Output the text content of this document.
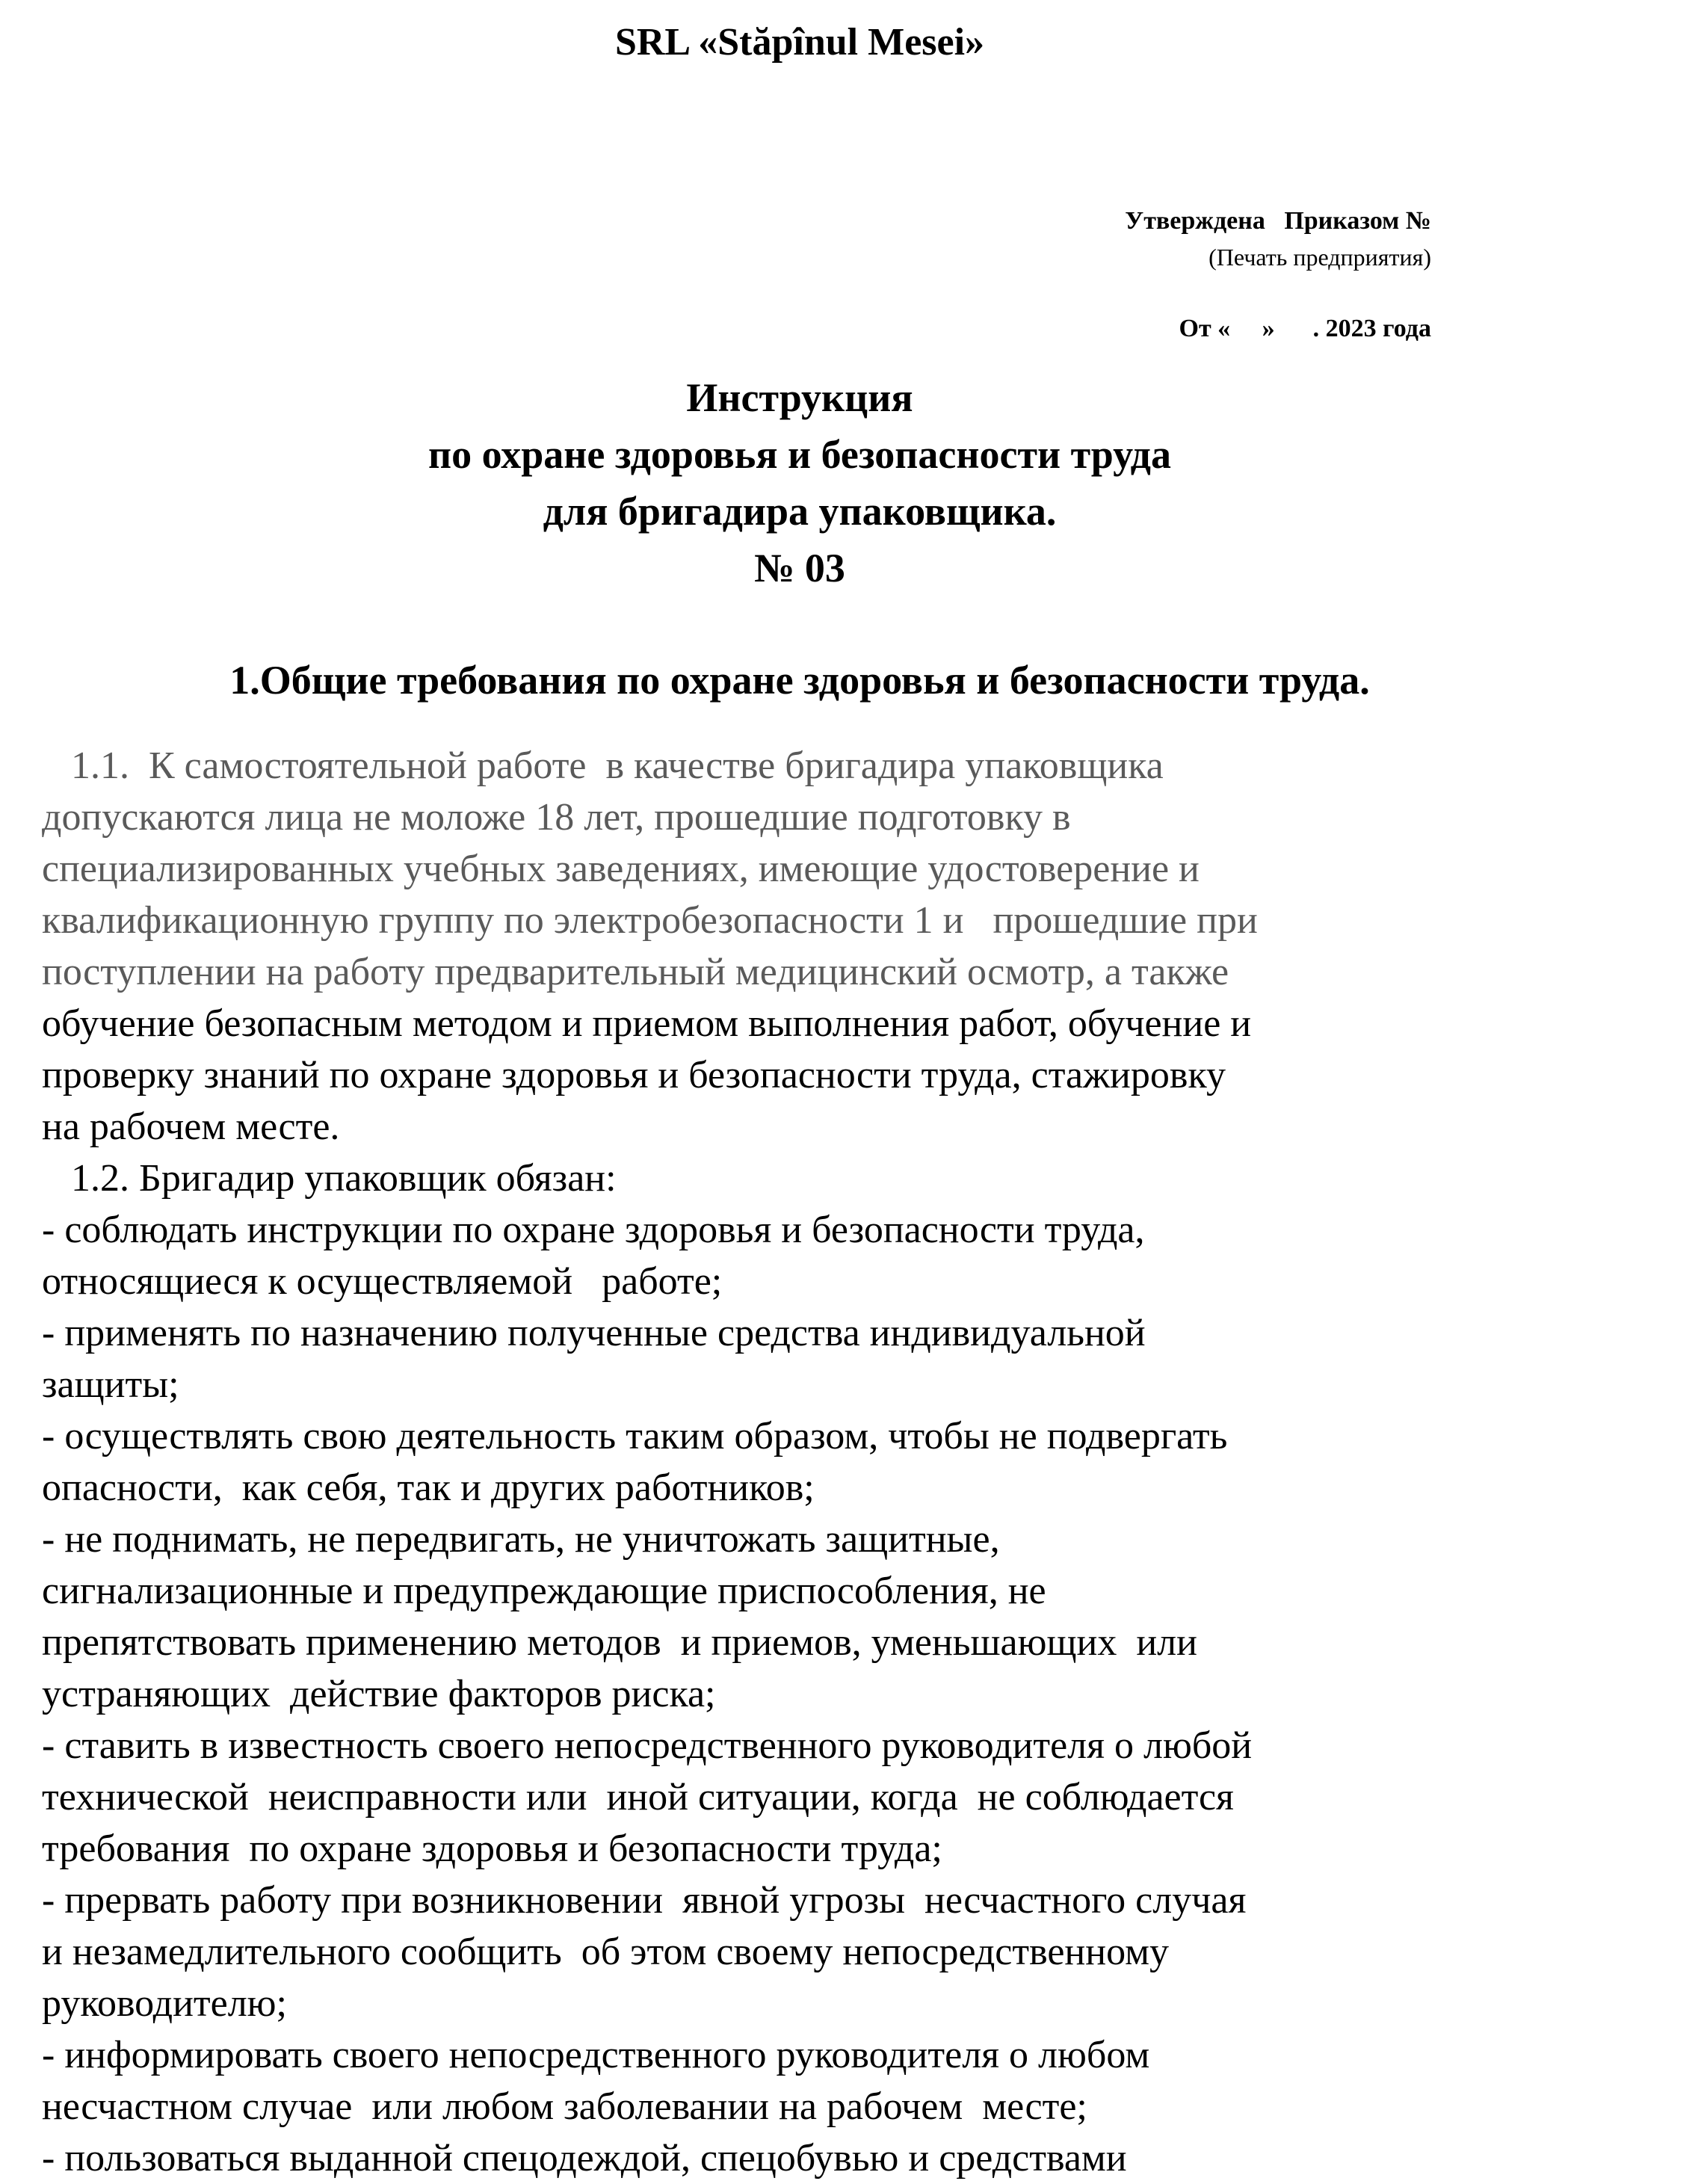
SRL «Stăpînul Mesei»

Утверждена   Приказом №

От «     »      . 2023 года

(Печать предприятия)
Инструкция
по охране здоровья и безопасности труда
для бригадира упаковщика.
№ 03
1.Общие требования по охране здоровья и безопасности труда.
1.1.  К самостоятельной работе  в качестве бригадира упаковщика
допускаются лица не моложе 18 лет, прошедшие подготовку в
специализированных учебных заведениях, имеющие удостоверение и
квалификационную группу по электробезопасности 1 и   прошедшие при
поступлении на работу предварительный медицинский осмотр, а также
обучение безопасным методом и приемом выполнения работ, обучение и
проверку знаний по охране здоровья и безопасности труда, стажировку
на рабочем месте.
1.2. Бригадир упаковщик обязан:
- соблюдать инструкции по охране здоровья и безопасности труда,
относящиеся к осуществляемой   работе;
- применять по назначению полученные средства индивидуальной
защиты;
- осуществлять свою деятельность таким образом, чтобы не подвергать
опасности,  как себя, так и других работников;
- не поднимать, не передвигать, не уничтожать защитные,
сигнализационные и предупреждающие приспособления, не
препятствовать применению методов  и приемов, уменьшающих  или
устраняющих  действие факторов риска;
- ставить в известность своего непосредственного руководителя о любой
технической  неисправности или  иной ситуации, когда  не соблюдается
требования  по охране здоровья и безопасности труда;
- прервать работу при возникновении  явной угрозы  несчастного случая
и незамедлительного сообщить  об этом своему непосредственному
руководителю;
- информировать своего непосредственного руководителя о любом
несчастном случае  или любом заболевании на рабочем  месте;
- пользоваться выданной спецодеждой, спецобувью и средствами
